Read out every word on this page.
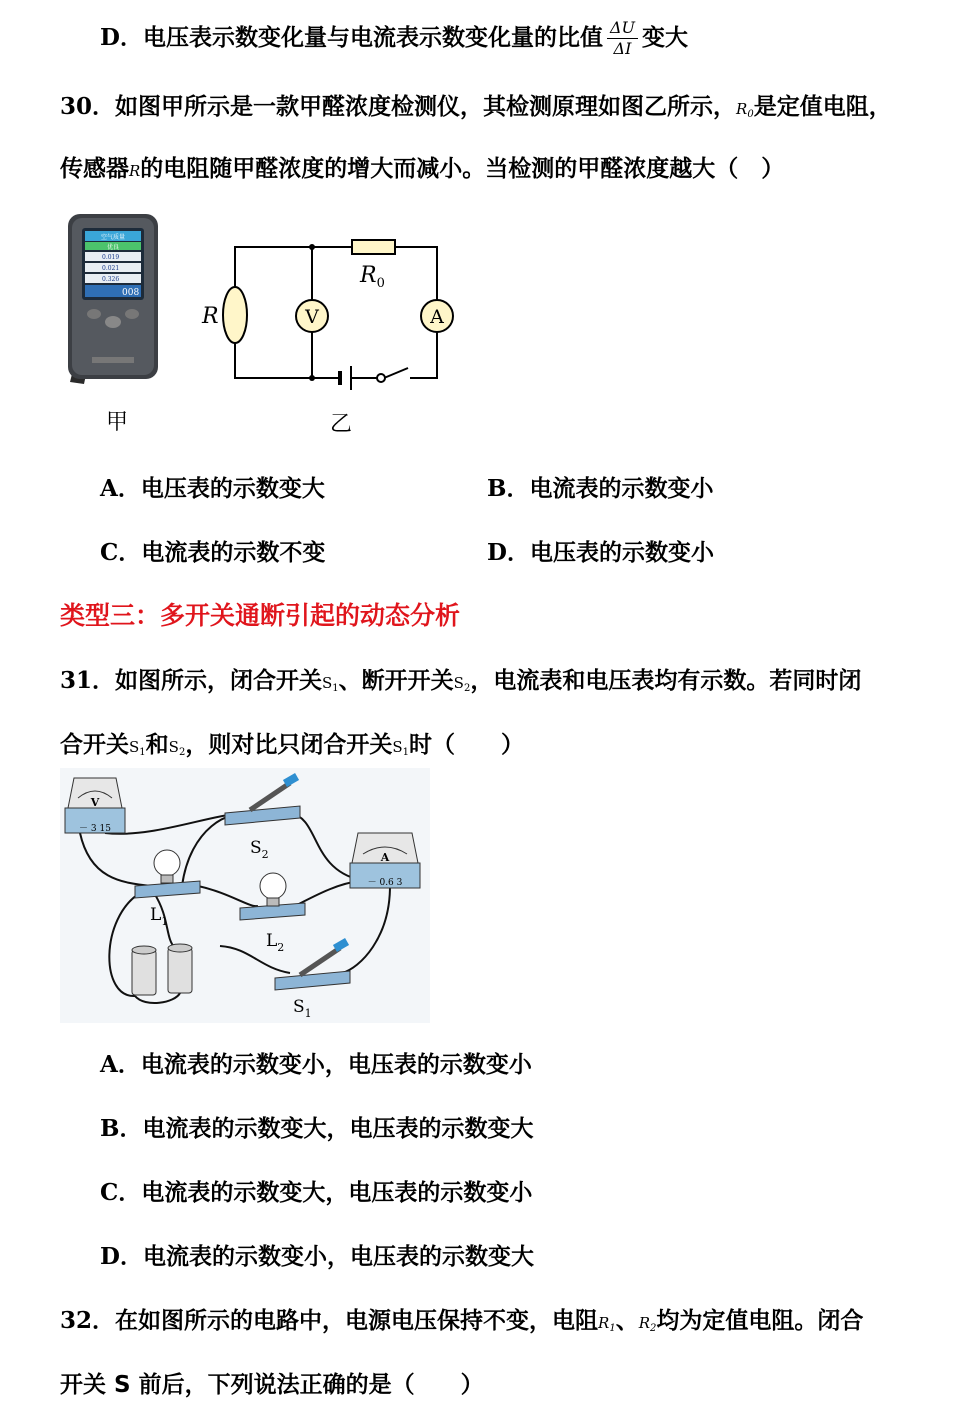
D．电压表示数变化量与电流表示数变化量的比值 $\frac{\Delta U}{\Delta I}$ 变大
30．如图甲所示是一款甲醛浓度检测仪，其检测原理如图乙所示，$R_0$是定值电阻，
传感器R的电阻随甲醛浓度的增大而减小。当检测的甲醛浓度越大（　）
空气质量
优良
0.019
0.021
0.326
008
甲
$R_0$
R	V	A
乙
A．电压表的示数变大	B．电流表的示数变小
C．电流表的示数不变	D．电压表的示数变小
类型三：多开关通断引起的动态分析
31．如图所示，闭合开关$S_1$、断开开关$S_2$，电流表和电压表均有示数。若同时闭
合开关$S_1$和$S_2$，则对比只闭合开关$S_1$时（　　）
V
－ 3 15
A
－ 0.6 3
$S_2$
$L_1$
$L_2$
$S_1$
A．电流表的示数变小，电压表的示数变小
B．电流表的示数变大，电压表的示数变大
C．电流表的示数变大，电压表的示数变小
D．电流表的示数变小，电压表的示数变大
32．在如图所示的电路中，电源电压保持不变，电阻$R_1$、$R_2$均为定值电阻。闭合
开关 S 前后，下列说法正确的是（　　）
